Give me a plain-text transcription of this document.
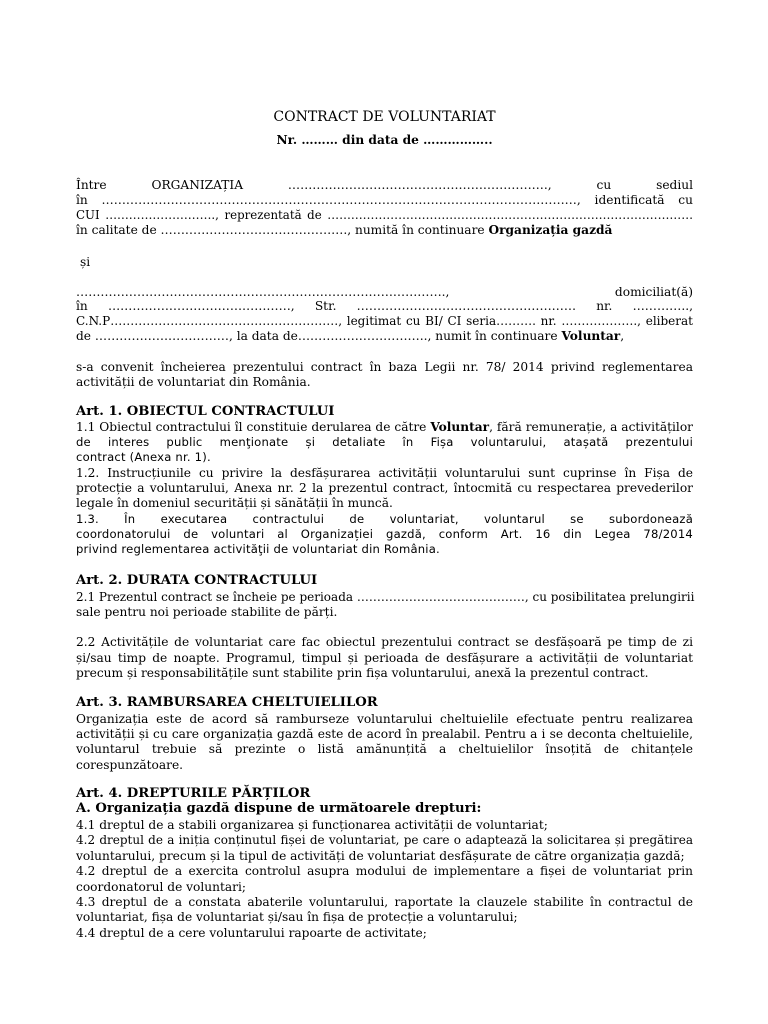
CONTRACT DE VOLUNTARIAT
Nr. ……… din data de ……………..
Între ORGANIZAȚIA ………………………………………………………., cu sediul
în ………………………………………………………………………………………………………, identificată cu
CUI ………………………., reprezentată de …………………………………………………………………………………
în calitate de ………………………………………., numită în continuare Organizația gazdă
și
………………………………………………………………………………., domiciliat(ă)
în ………………………………………, Str. ……………………………………………… nr. …………..,
C.N.P…………………………………………………, legitimat cu BI/ CI seria………. nr. ………………., eliberat
de ……………………………, la data de………………………….., numit în continuare Voluntar,
s-a convenit încheierea prezentului contract în baza Legii nr. 78/ 2014 privind reglementarea
activității de voluntariat din România.
Art. 1. OBIECTUL CONTRACTULUI
1.1 Obiectul contractului îl constituie derularea de către Voluntar, fără remunerație, a activităților
de interes public menţionate și detaliate în Fișa voluntarului, atașată prezentului
contract (Anexa nr. 1).
1.2. Instrucțiunile cu privire la desfășurarea activității voluntarului sunt cuprinse în Fișa de
protecție a voluntarului, Anexa nr. 2 la prezentul contract, întocmită cu respectarea prevederilor
legale în domeniul securității și sănătății în muncă.
1.3. În executarea contractului de voluntariat, voluntarul se subordonează
coordonatorului de voluntari al Organizației gazdă, conform Art. 16 din Legea 78/2014
privind reglementarea activităţii de voluntariat din România.
Art. 2. DURATA CONTRACTULUI
2.1 Prezentul contract se încheie pe perioada ……………………………………, cu posibilitatea prelungirii
sale pentru noi perioade stabilite de părți.
2.2 Activitățile de voluntariat care fac obiectul prezentului contract se desfășoară pe timp de zi
și/sau timp de noapte. Programul, timpul și perioada de desfășurare a activității de voluntariat
precum și responsabilitățile sunt stabilite prin fișa voluntarului, anexă la prezentul contract.
Art. 3. RAMBURSAREA CHELTUIELILOR
Organizația este de acord să ramburseze voluntarului cheltuielile efectuate pentru realizarea
activității și cu care organizația gazdă este de acord în prealabil. Pentru a i se deconta cheltuielile,
voluntarul trebuie să prezinte o listă amănunțită a cheltuielilor însoțită de chitanțele
corespunzătoare.
Art. 4. DREPTURILE PĂRȚILOR
A. Organizația gazdă dispune de următoarele drepturi:
4.1 dreptul de a stabili organizarea și funcționarea activității de voluntariat;
4.2 dreptul de a iniția conținutul fișei de voluntariat, pe care o adaptează la solicitarea și pregătirea
voluntarului, precum și la tipul de activități de voluntariat desfășurate de către organizația gazdă;
4.2 dreptul de a exercita controlul asupra modului de implementare a fișei de voluntariat prin
coordonatorul de voluntari;
4.3 dreptul de a constata abaterile voluntarului, raportate la clauzele stabilite în contractul de
voluntariat, fișa de voluntariat și/sau în fișa de protecție a voluntarului;
4.4 dreptul de a cere voluntarului rapoarte de activitate;
